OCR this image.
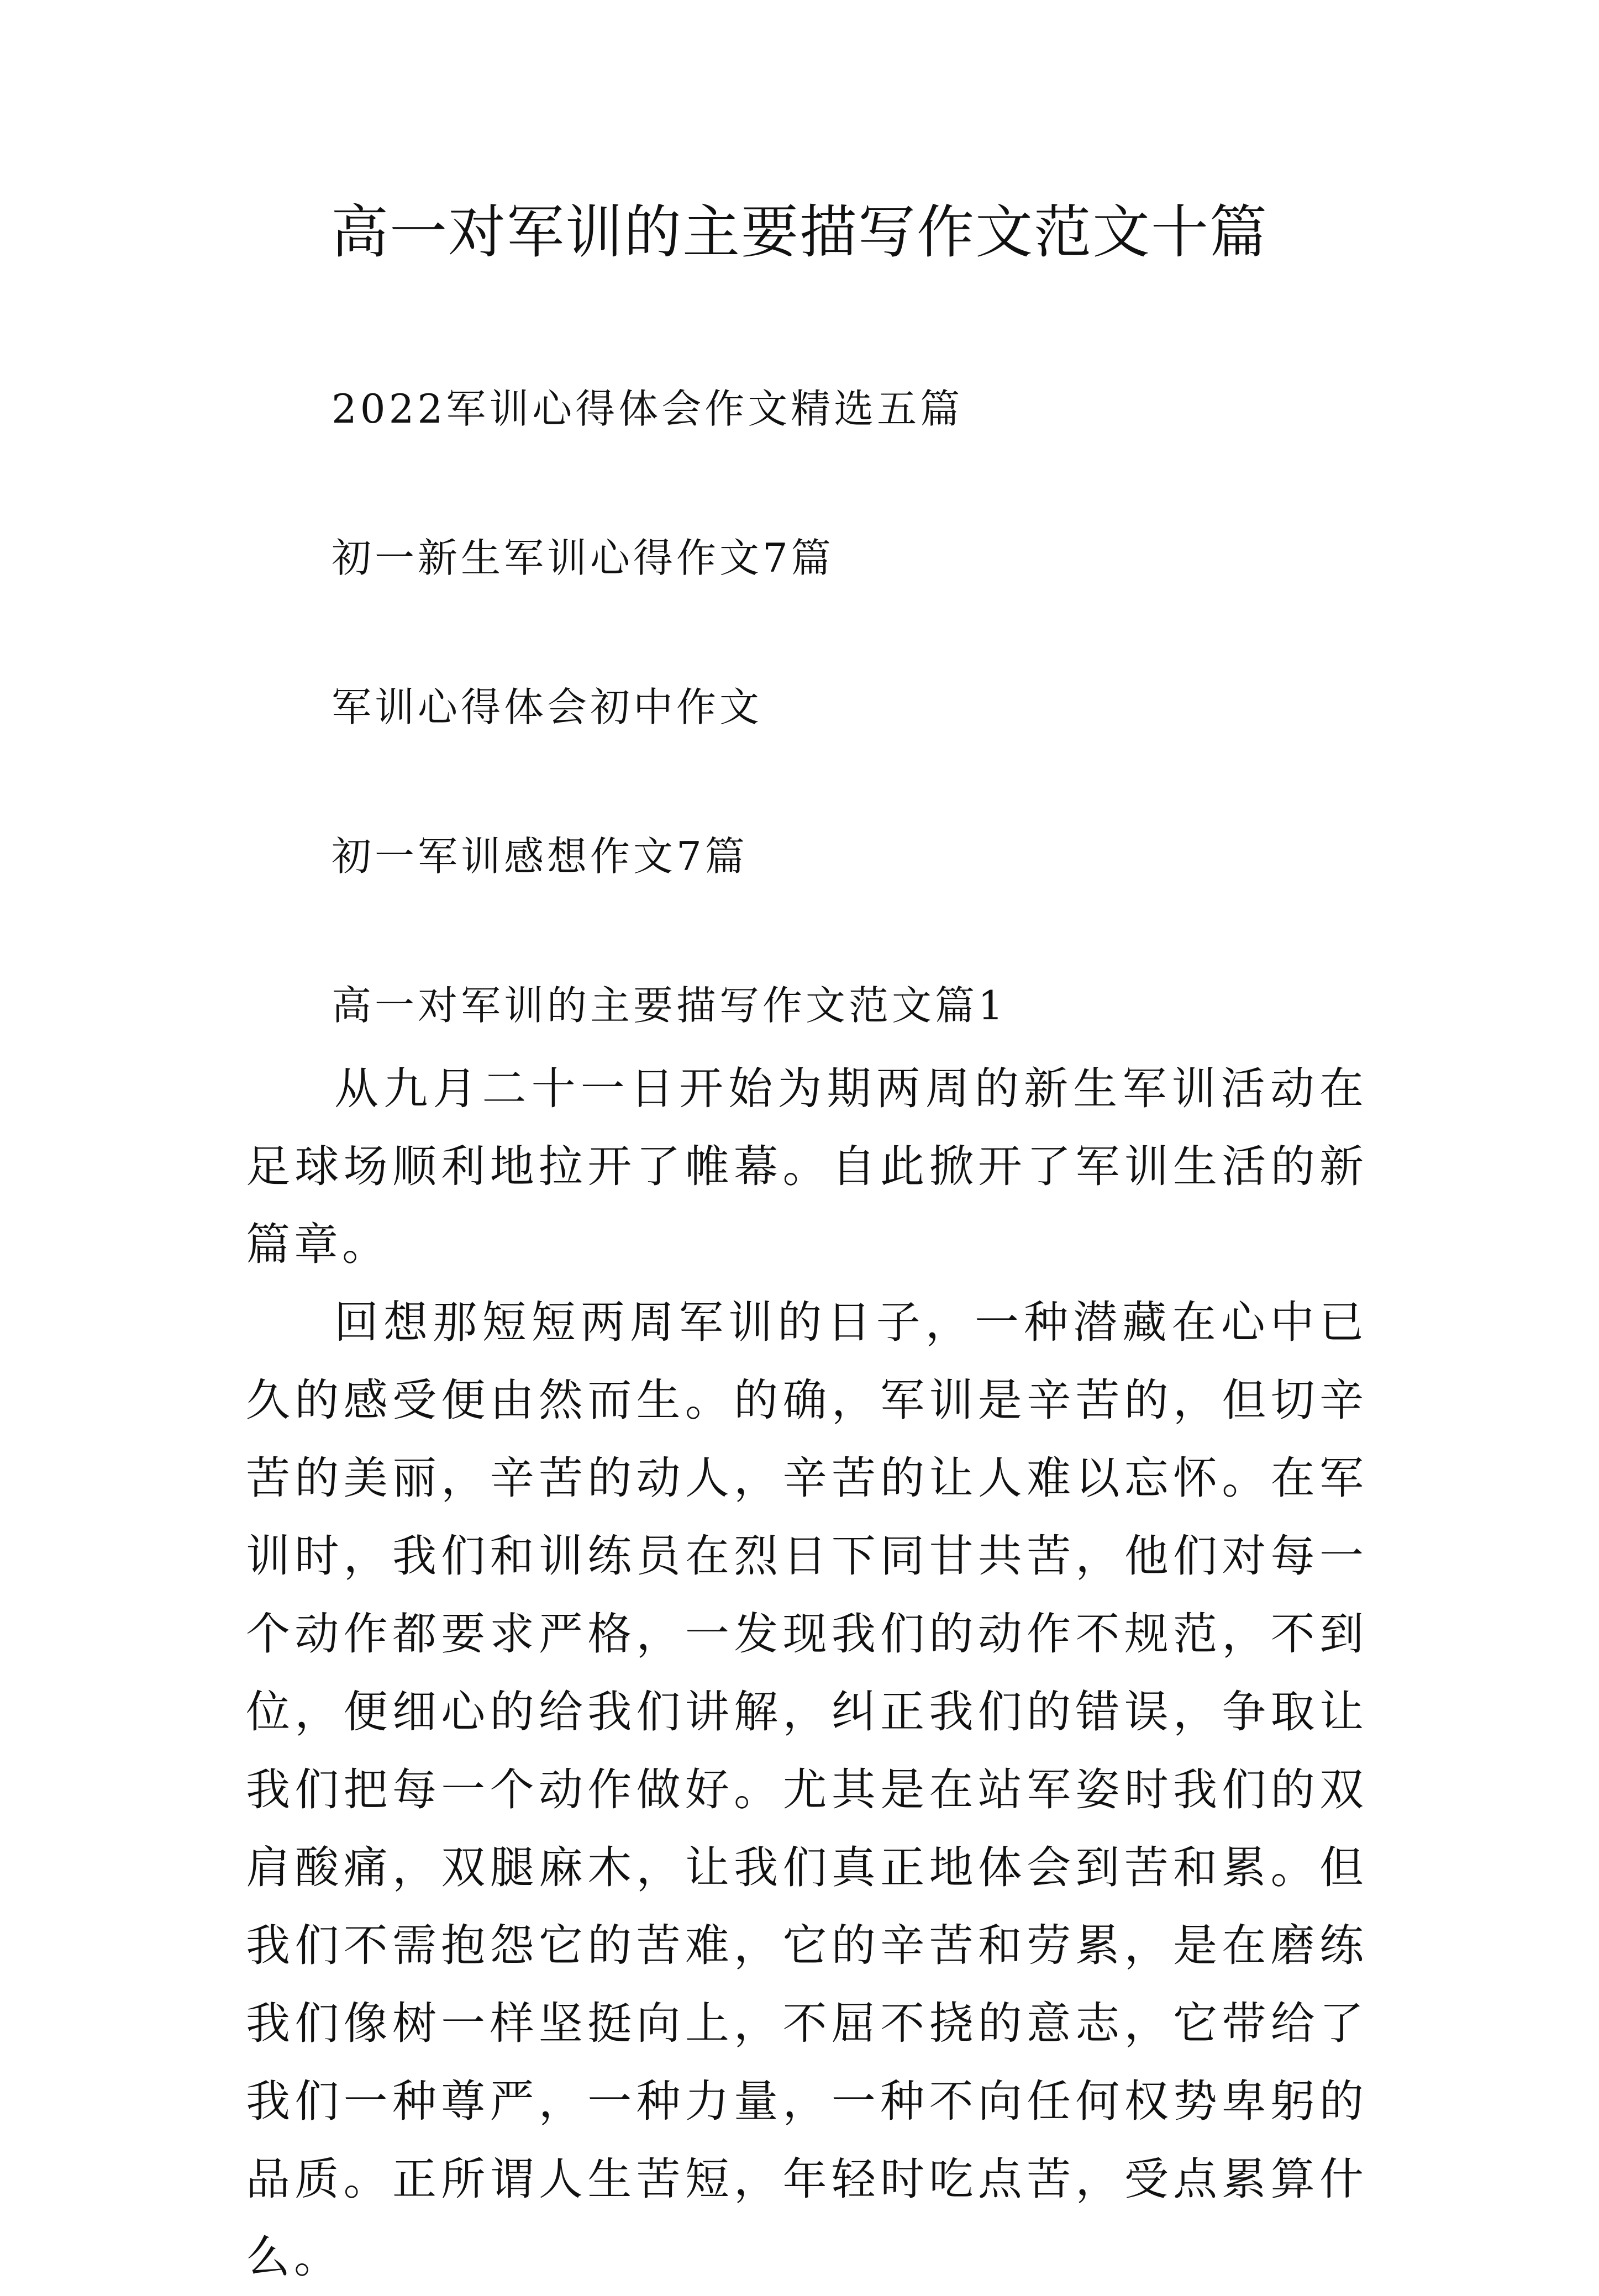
高一对军训的主要描写作文范文十篇
2022军训心得体会作文精选五篇
初一新生军训心得作文7篇
军训心得体会初中作文
初一军训感想作文7篇
高一对军训的主要描写作文范文篇1

从九月二十一日开始为期两周的新生军训活动在足球场顺利地拉开了帷幕。自此掀开了军训生活的新篇章。

回想那短短两周军训的日子，一种潜藏在心中已久的感受便由然而生。的确，军训是辛苦的，但切辛苦的美丽，辛苦的动人，辛苦的让人难以忘怀。在军训时，我们和训练员在烈日下同甘共苦，他们对每一个动作都要求严格，一发现我们的动作不规范，不到位，便细心的给我们讲解，纠正我们的错误，争取让我们把每一个动作做好。尤其是在站军姿时我们的双肩酸痛，双腿麻木，让我们真正地体会到苦和累。但我们不需抱怨它的苦难，它的辛苦和劳累，是在磨练我们像树一样坚挺向上，不屈不挠的意志，它带给了我们一种尊严，一种力量，一种不向任何权势卑躬的品质。正所谓人生苦短，年轻时吃点苦，受点累算什么。
